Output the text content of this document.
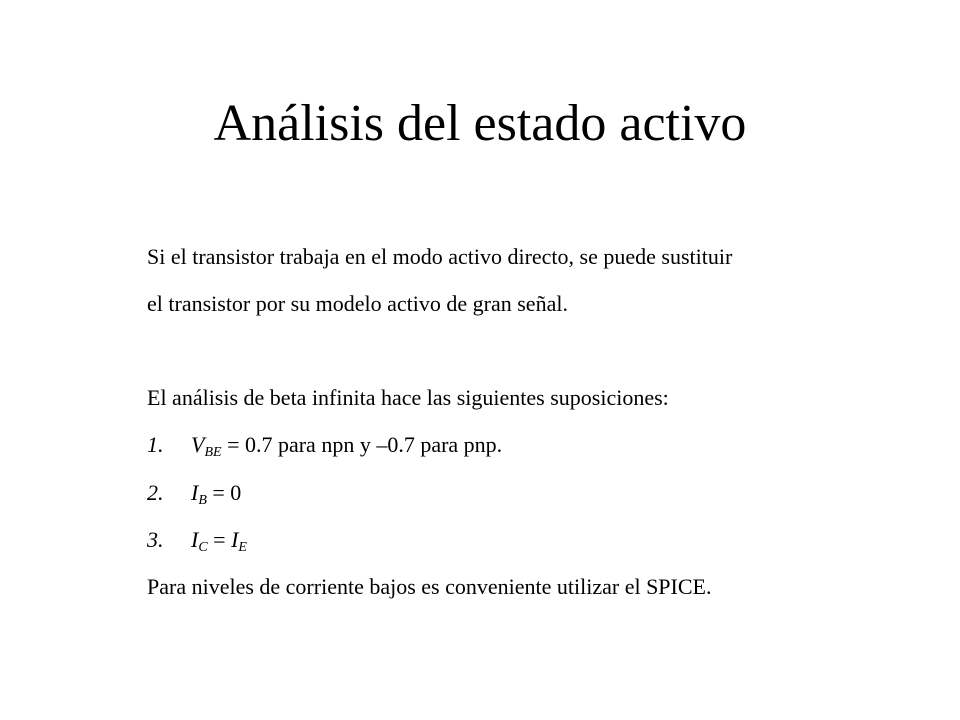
Análisis del estado activo
Si el transistor trabaja en el modo activo directo, se puede sustituir
el transistor por su modelo activo de gran señal.
El análisis de beta infinita hace las siguientes suposiciones:
1. $V_{BE} = 0.7$ para npn y –0.7 para pnp.
2. $I_B = 0$
3. $I_C = I_E$
Para niveles de corriente bajos es conveniente utilizar el SPICE.
